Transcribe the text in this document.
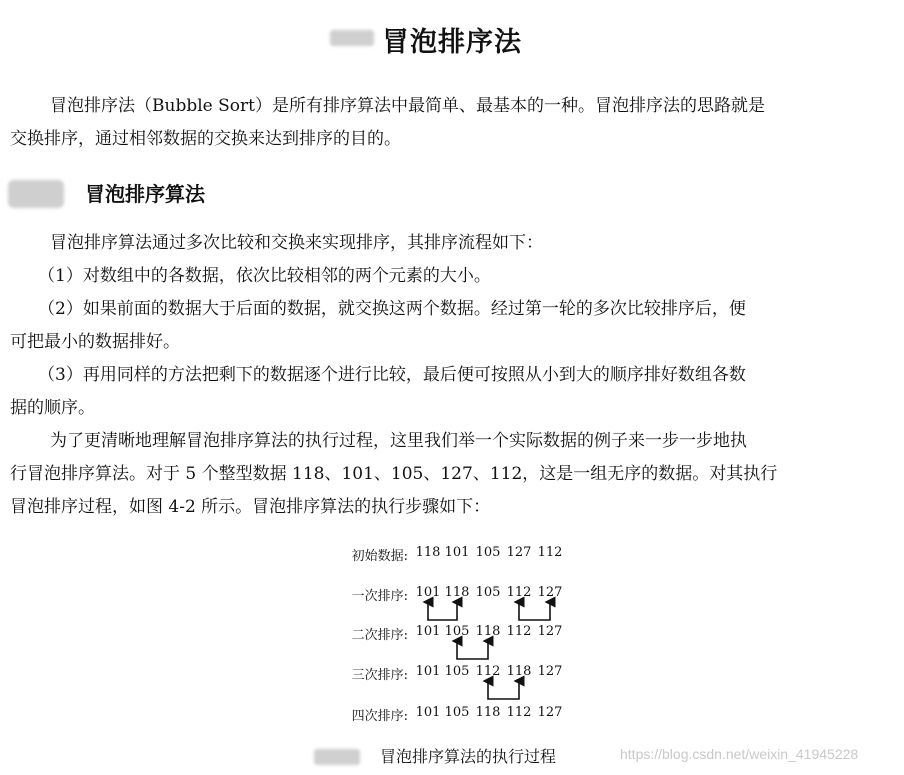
冒泡排序法
冒泡排序法（Bubble Sort）是所有排序算法中最简单、最基本的一种。冒泡排序法的思路就是
交换排序，通过相邻数据的交换来达到排序的目的。
冒泡排序算法
冒泡排序算法通过多次比较和交换来实现排序，其排序流程如下：
（1）对数组中的各数据，依次比较相邻的两个元素的大小。
（2）如果前面的数据大于后面的数据，就交换这两个数据。经过第一轮的多次比较排序后，便
可把最小的数据排好。
（3）再用同样的方法把剩下的数据逐个进行比较，最后便可按照从小到大的顺序排好数组各数
据的顺序。
为了更清晰地理解冒泡排序算法的执行过程，这里我们举一个实际数据的例子来一步一步地执
行冒泡排序算法。对于 5 个整型数据 118、101、105、127、112，这是一组无序的数据。对其执行
冒泡排序过程，如图 4-2 所示。冒泡排序算法的执行步骤如下：
初始数据: 118 101 105 127 112
一次排序: 101 118 105 112 127
二次排序: 101 105 118 112 127
三次排序: 101 105 112 118 127
四次排序: 101 105 118 112 127
冒泡排序算法的执行过程	https://blog.csdn.net/weixin_41945228
